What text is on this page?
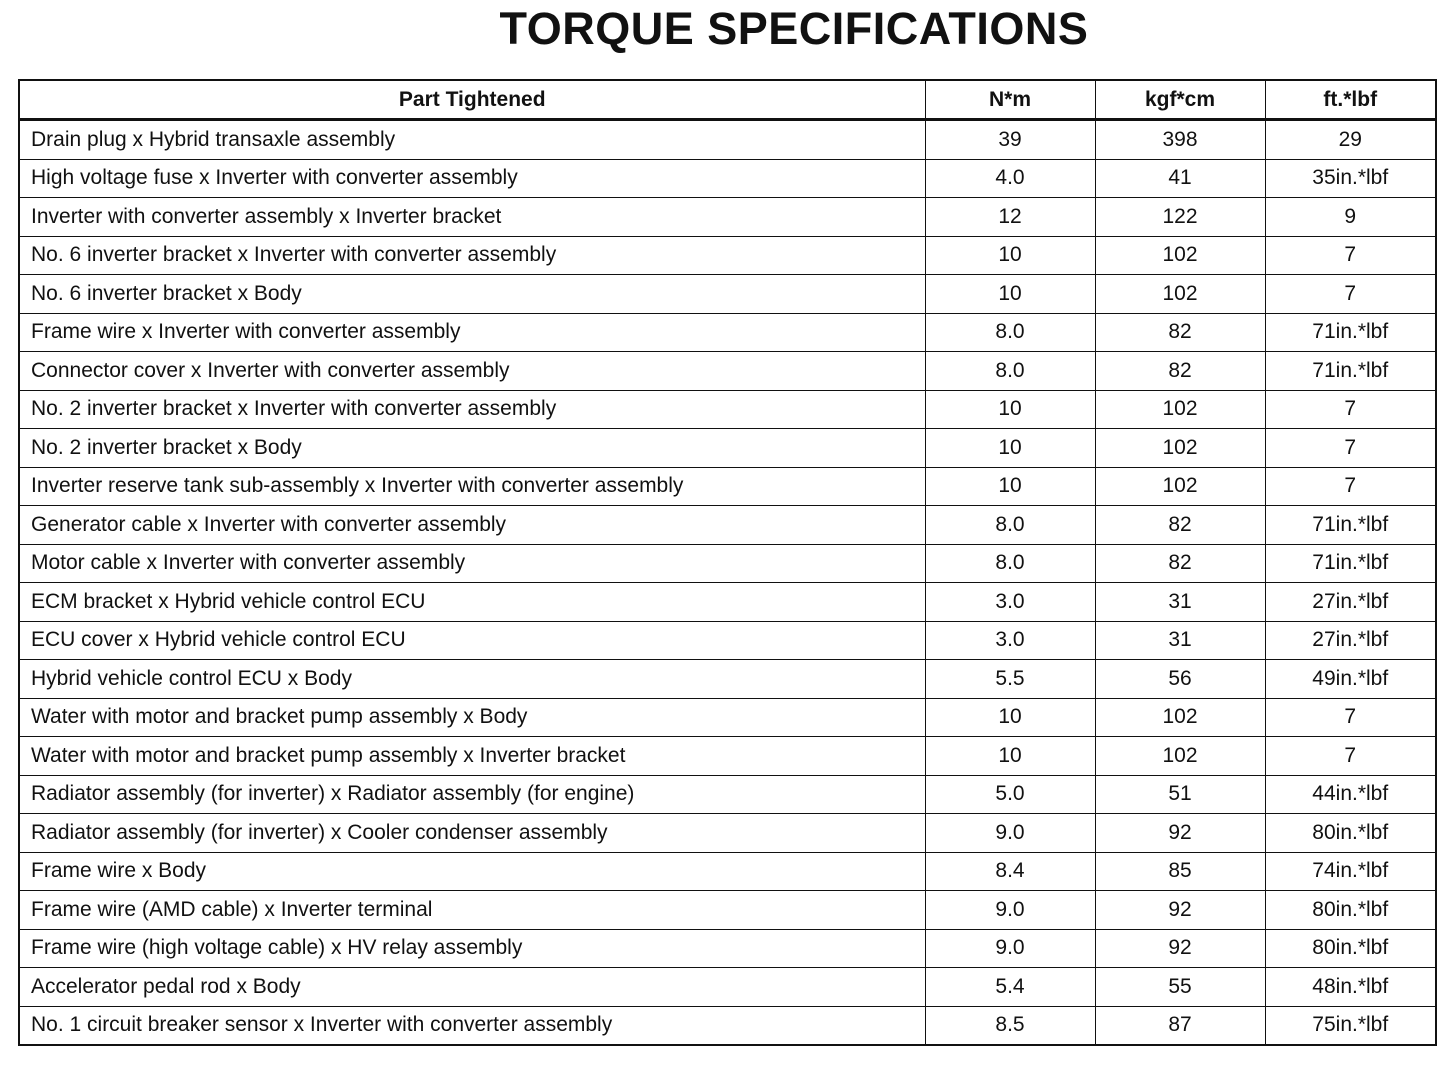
TORQUE SPECIFICATIONS
Part Tightened	N*m	kgf*cm	ft.*lbf
Drain plug x Hybrid transaxle assembly	39	398	29
High voltage fuse x Inverter with converter assembly	4.0	41	35in.*lbf
Inverter with converter assembly x Inverter bracket	12	122	9
No. 6 inverter bracket x Inverter with converter assembly	10	102	7
No. 6 inverter bracket x Body	10	102	7
Frame wire x Inverter with converter assembly	8.0	82	71in.*lbf
Connector cover x Inverter with converter assembly	8.0	82	71in.*lbf
No. 2 inverter bracket x Inverter with converter assembly	10	102	7
No. 2 inverter bracket x Body	10	102	7
Inverter reserve tank sub-assembly x Inverter with converter assembly	10	102	7
Generator cable x Inverter with converter assembly	8.0	82	71in.*lbf
Motor cable x Inverter with converter assembly	8.0	82	71in.*lbf
ECM bracket x Hybrid vehicle control ECU	3.0	31	27in.*lbf
ECU cover x Hybrid vehicle control ECU	3.0	31	27in.*lbf
Hybrid vehicle control ECU x Body	5.5	56	49in.*lbf
Water with motor and bracket pump assembly x Body	10	102	7
Water with motor and bracket pump assembly x Inverter bracket	10	102	7
Radiator assembly (for inverter) x Radiator assembly (for engine)	5.0	51	44in.*lbf
Radiator assembly (for inverter) x Cooler condenser assembly	9.0	92	80in.*lbf
Frame wire x Body	8.4	85	74in.*lbf
Frame wire (AMD cable) x Inverter terminal	9.0	92	80in.*lbf
Frame wire (high voltage cable) x HV relay assembly	9.0	92	80in.*lbf
Accelerator pedal rod x Body	5.4	55	48in.*lbf
No. 1 circuit breaker sensor x Inverter with converter assembly	8.5	87	75in.*lbf
